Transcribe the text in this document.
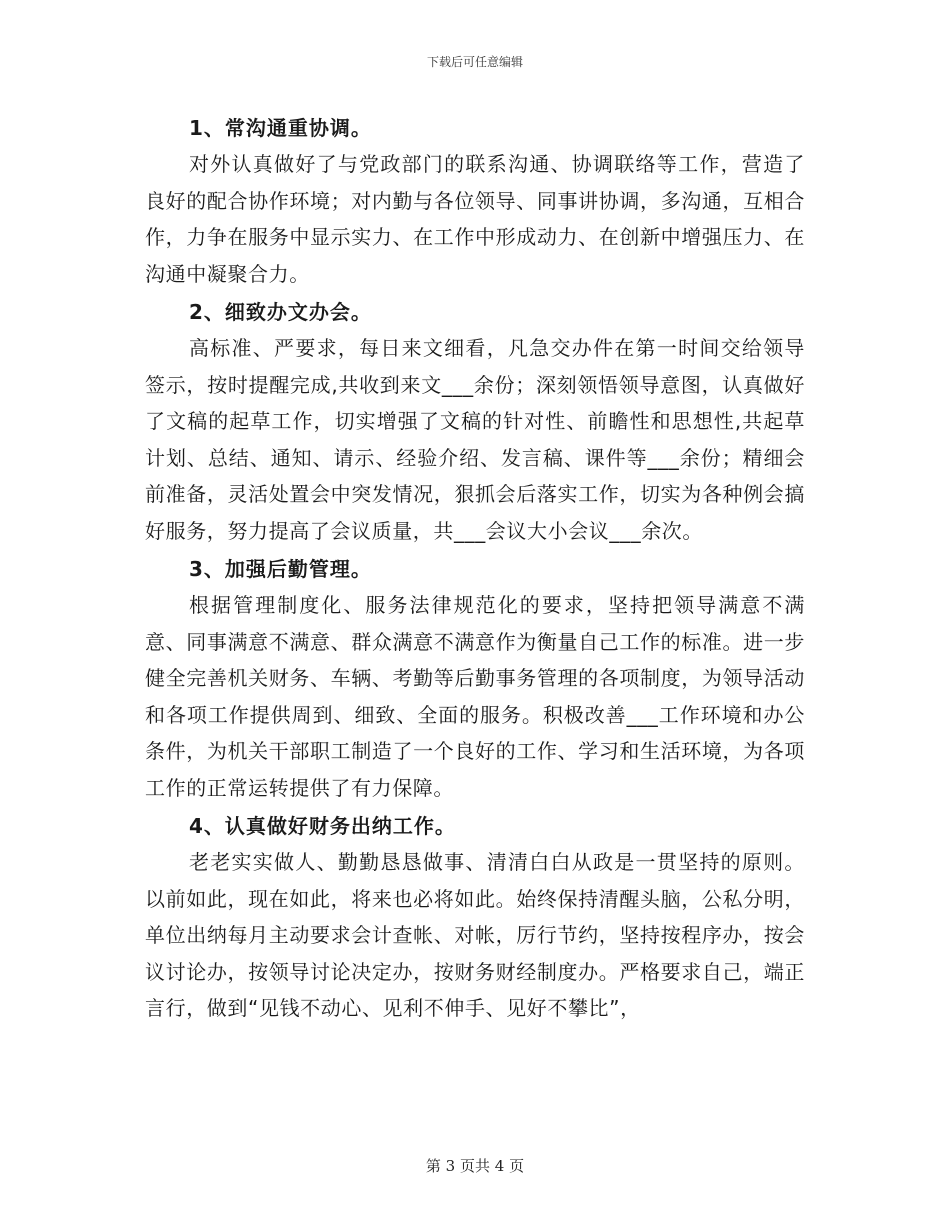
下载后可任意编辑

1、常沟通重协调。

对外认真做好了与党政部门的联系沟通、协调联络等工作，营造了良好的配合协作环境；对内勤与各位领导、同事讲协调，多沟通，互相合作，力争在服务中显示实力、在工作中形成动力、在创新中增强压力、在沟通中凝聚合力。

2、细致办文办会。

高标准、严要求，每日来文细看，凡急交办件在第一时间交给领导签示，按时提醒完成,共收到来文___余份；深刻领悟领导意图，认真做好了文稿的起草工作，切实增强了文稿的针对性、前瞻性和思想性,共起草计划、总结、通知、请示、经验介绍、发言稿、课件等___余份；精细会前准备，灵活处置会中突发情况，狠抓会后落实工作，切实为各种例会搞好服务，努力提高了会议质量，共___会议大小会议___余次。

3、加强后勤管理。

根据管理制度化、服务法律规范化的要求，坚持把领导满意不满意、同事满意不满意、群众满意不满意作为衡量自己工作的标准。进一步健全完善机关财务、车辆、考勤等后勤事务管理的各项制度，为领导活动和各项工作提供周到、细致、全面的服务。积极改善___工作环境和办公条件，为机关干部职工制造了一个良好的工作、学习和生活环境，为各项工作的正常运转提供了有力保障。

4、认真做好财务出纳工作。

老老实实做人、勤勤恳恳做事、清清白白从政是一贯坚持的原则。以前如此，现在如此，将来也必将如此。始终保持清醒头脑，公私分明，单位出纳每月主动要求会计查帐、对帐，厉行节约，坚持按程序办，按会议讨论办，按领导讨论决定办，按财务财经制度办。严格要求自己，端正言行，做到“见钱不动心、见利不伸手、见好不攀比”，

第 3 页共 4 页
